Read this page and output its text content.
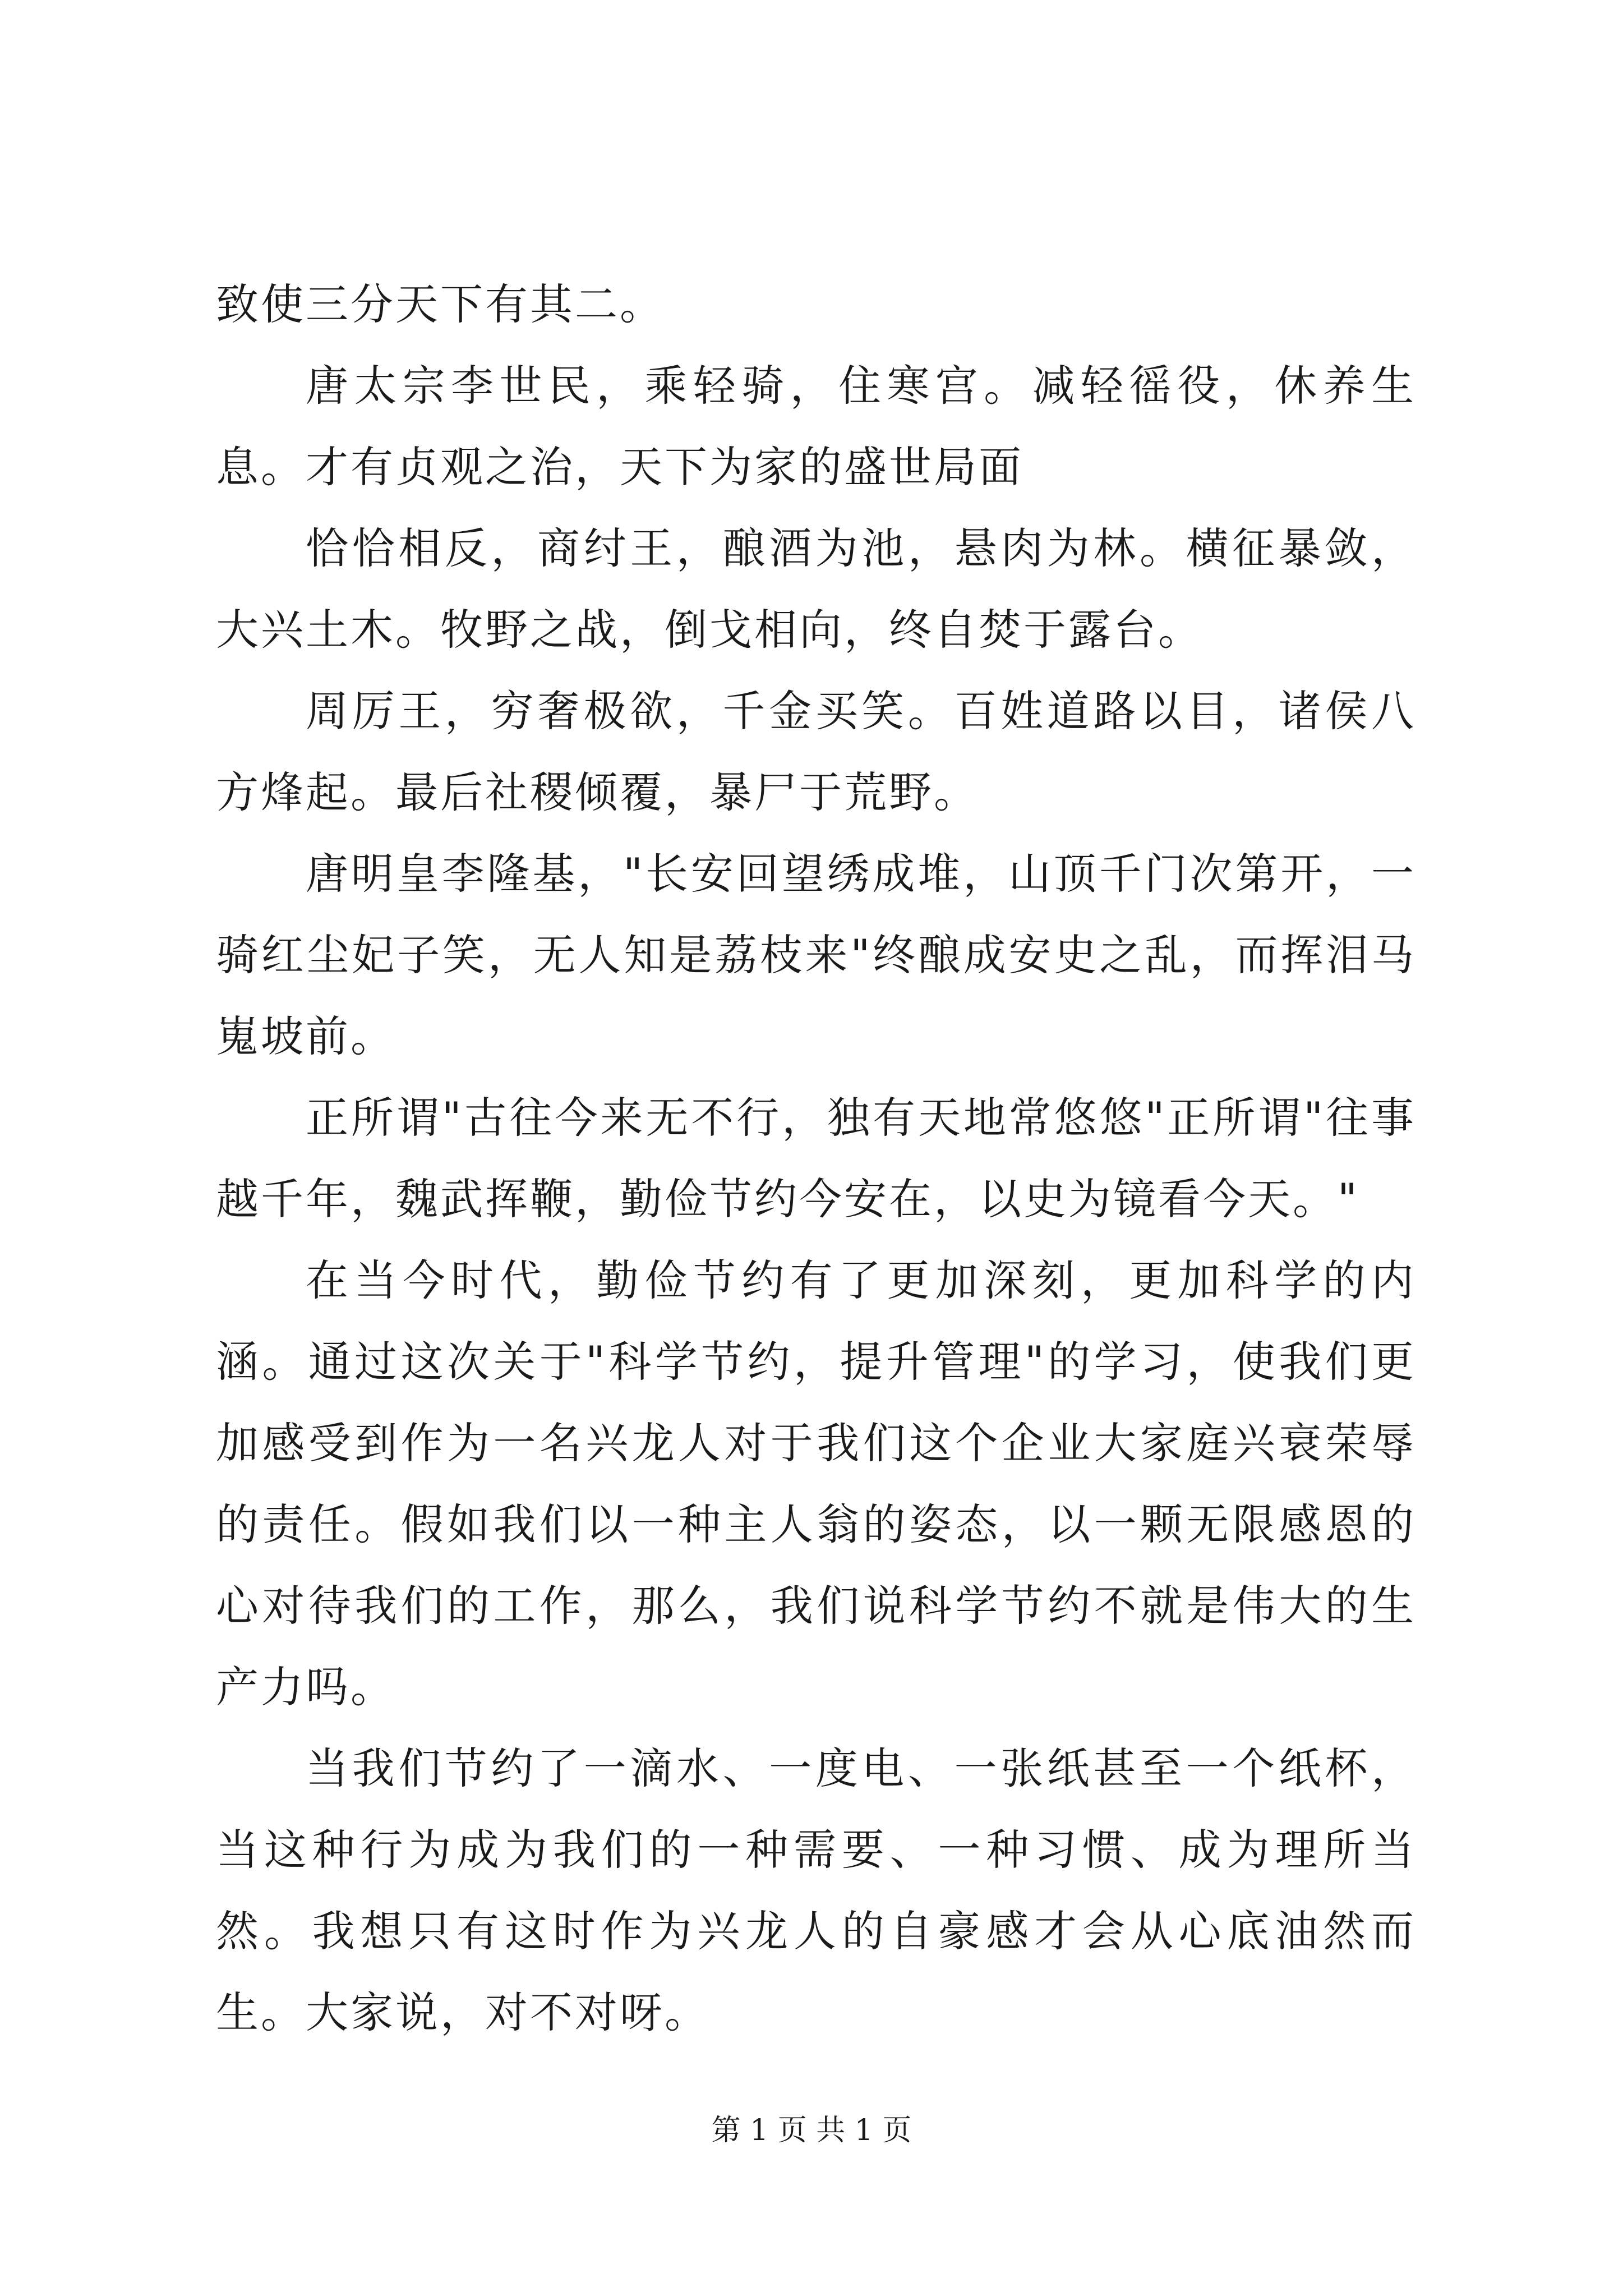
致使三分天下有其二。

唐太宗李世民，乘轻骑，住寒宫。减轻徭役，休养生息。才有贞观之治，天下为家的盛世局面

恰恰相反，商纣王，酿酒为池，悬肉为林。横征暴敛，大兴土木。牧野之战，倒戈相向，终自焚于露台。

周厉王，穷奢极欲，千金买笑。百姓道路以目，诸侯八方烽起。最后社稷倾覆，暴尸于荒野。

唐明皇李隆基，"长安回望绣成堆，山顶千门次第开，一骑红尘妃子笑，无人知是荔枝来"终酿成安史之乱，而挥泪马嵬坡前。

正所谓"古往今来无不行，独有天地常悠悠"正所谓"往事越千年，魏武挥鞭，勤俭节约今安在，以史为镜看今天。"

在当今时代，勤俭节约有了更加深刻，更加科学的内涵。通过这次关于"科学节约，提升管理"的学习，使我们更加感受到作为一名兴龙人对于我们这个企业大家庭兴衰荣辱的责任。假如我们以一种主人翁的姿态，以一颗无限感恩的心对待我们的工作，那么，我们说科学节约不就是伟大的生产力吗。

当我们节约了一滴水、一度电、一张纸甚至一个纸杯，当这种行为成为我们的一种需要、一种习惯、成为理所当然。我想只有这时作为兴龙人的自豪感才会从心底油然而生。大家说，对不对呀。

第 1 页 共 1 页
